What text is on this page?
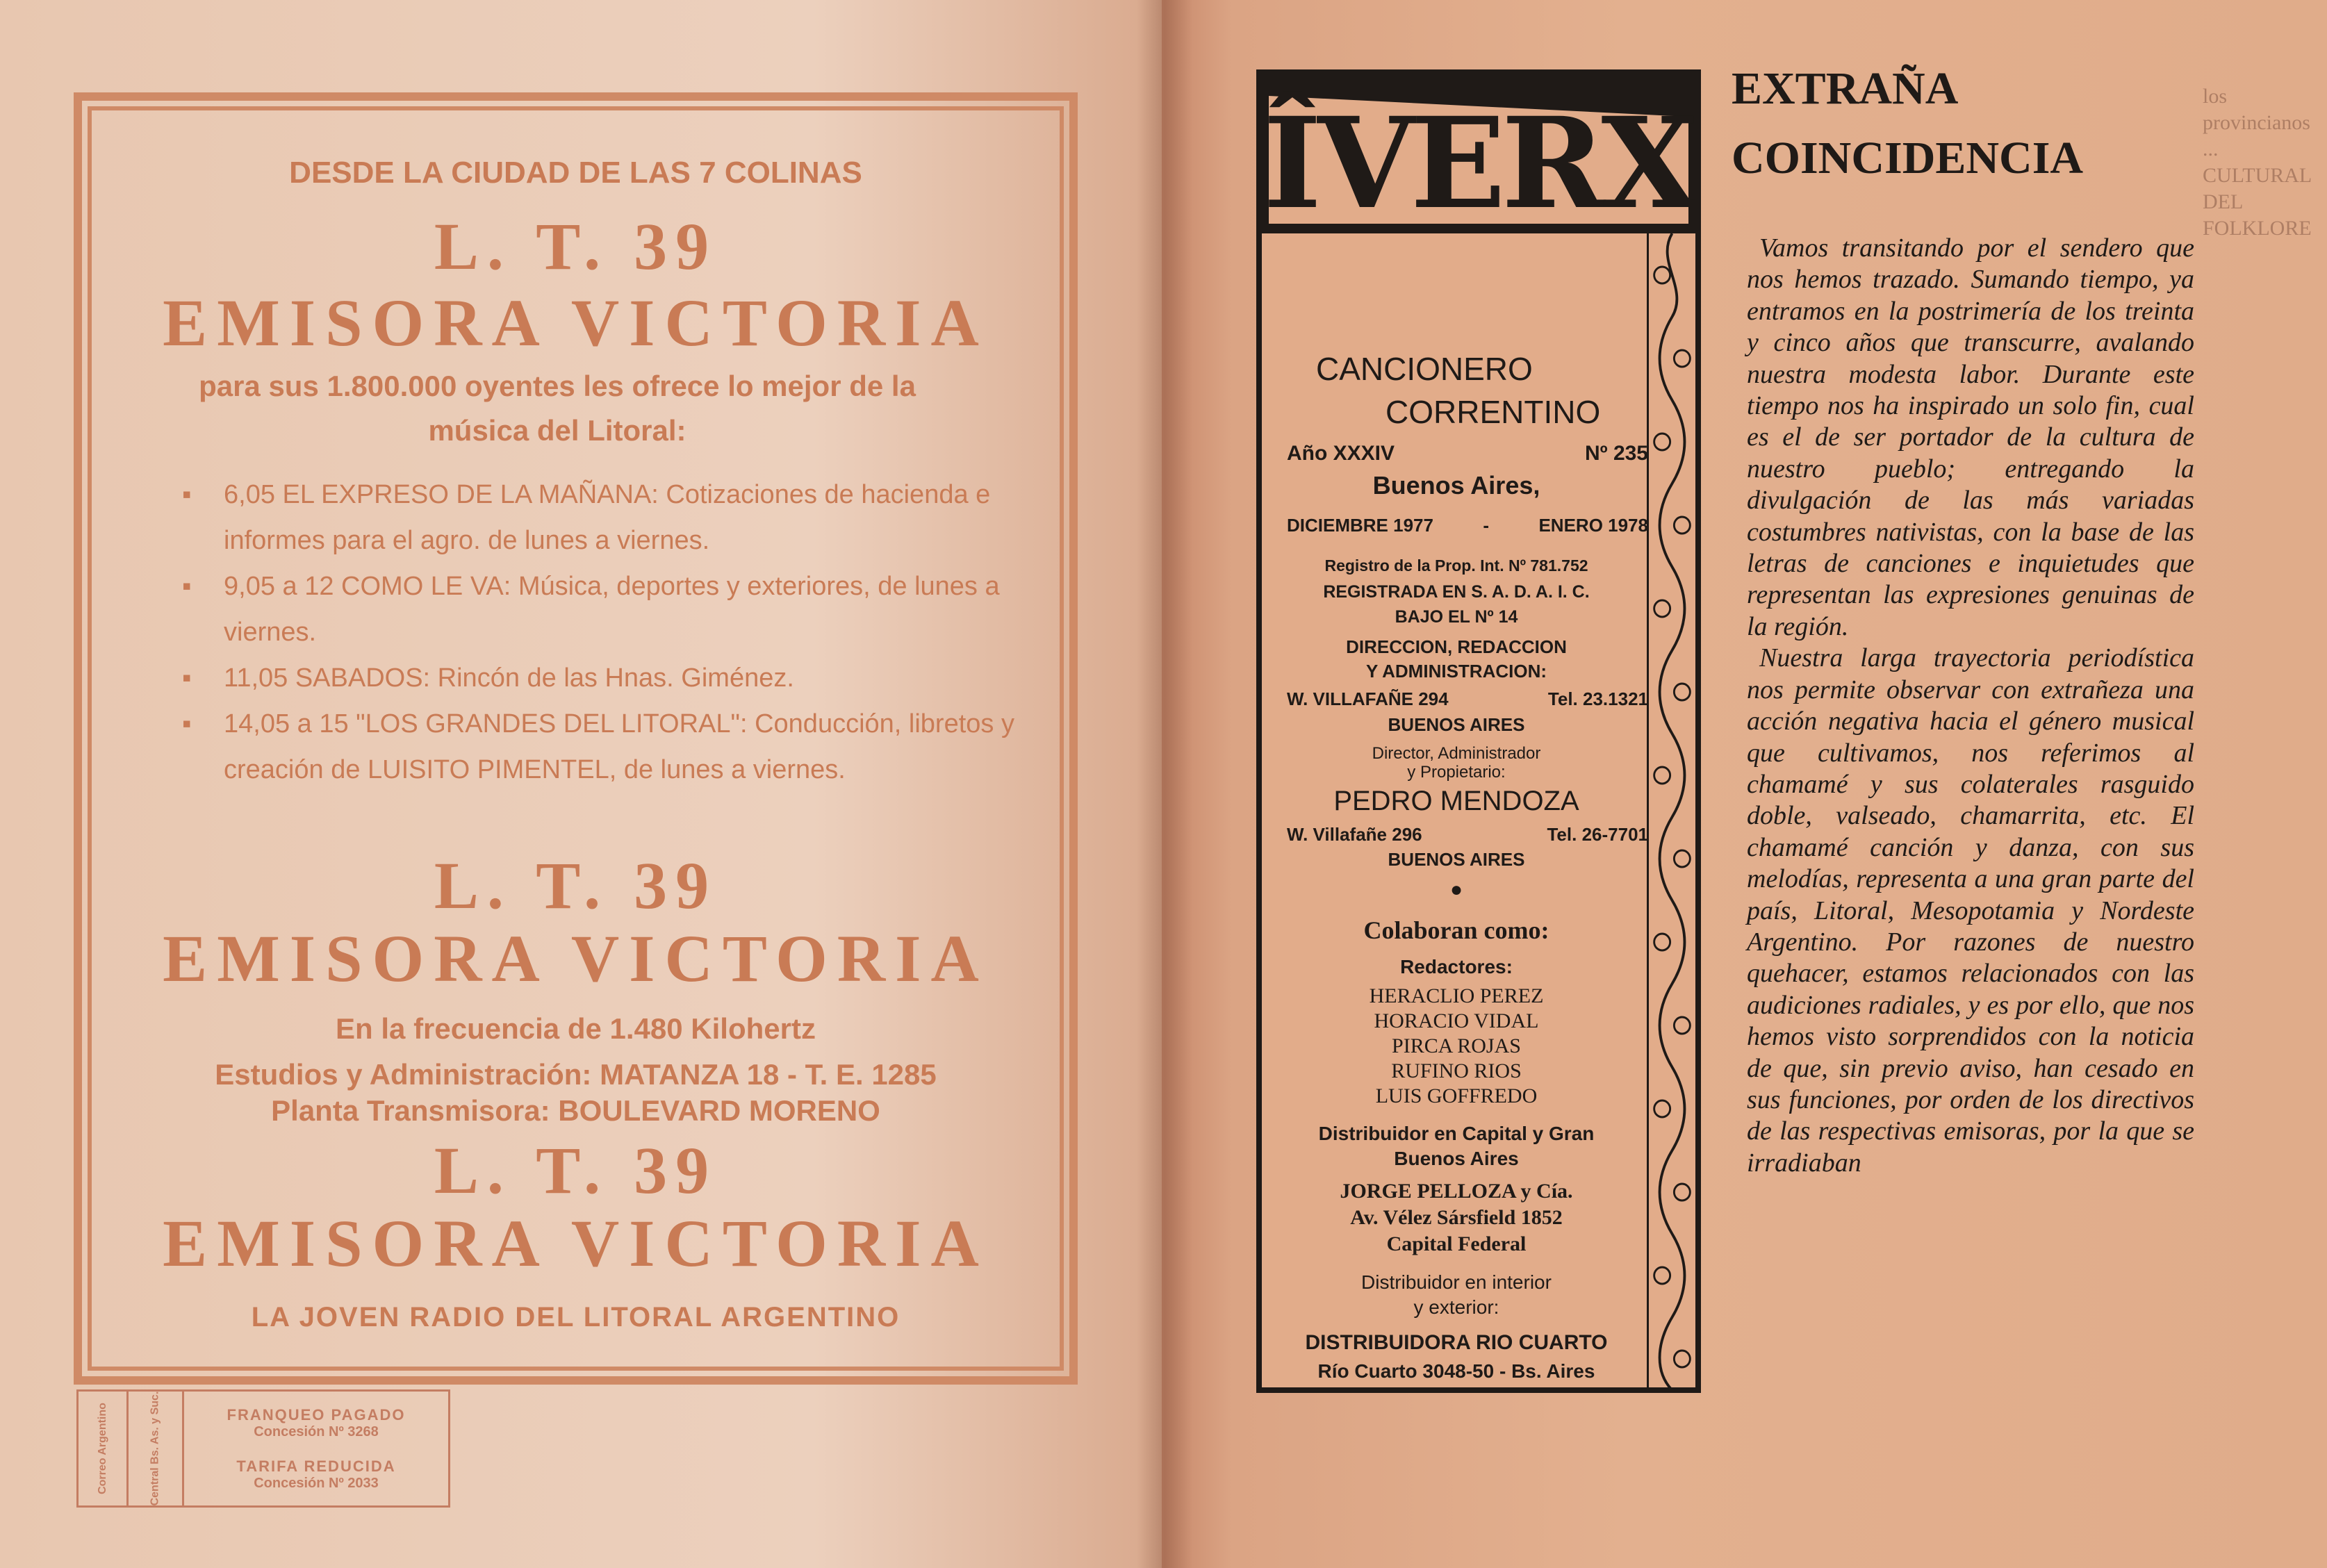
DESDE LA CIUDAD DE LAS 7 COLINAS
L. T. 39
EMISORA VICTORIA
para sus 1.800.000 oyentes les ofrece lo mejor de la música del Litoral:
▪ 6,05 EL EXPRESO DE LA MAÑANA: Cotizaciones de hacienda e informes para el agro. de lunes a viernes.
▪ 9,05 a 12 COMO LE VA: Música, deportes y exteriores, de lunes a viernes.
▪ 11,05 SABADOS: Rincón de las Hnas. Giménez.
▪ 14,05 a 15 "LOS GRANDES DEL LITORAL": Conducción, libretos y creación de LUISITO PIMENTEL, de lunes a viernes.
L. T. 39
EMISORA VICTORIA
En la frecuencia de 1.480 Kilohertz
Estudios y Administración: MATANZA 18 - T. E. 1285
Planta Transmisora: BOULEVARD MORENO
L. T. 39
EMISORA VICTORIA
LA JOVEN RADIO DEL LITORAL ARGENTINO
Correo Argentino	Central Bs. As. y Suc.	FRANQUEO PAGADO
Concesión Nº 3268
TARIFA REDUCIDA
Concesión Nº 2033
ÎVERX
CANCIONERO
CORRENTINO
Año XXXIV	Nº 235
Buenos Aires,
DICIEMBRE 1977	-	ENERO 1978
Registro de la Prop. Int. Nº 781.752
REGISTRADA EN S. A. D. A. I. C.
BAJO EL Nº 14
DIRECCION, REDACCION
Y ADMINISTRACION:
W. VILLAFAÑE 294	Tel. 23.1321
BUENOS AIRES
Director, Administrador
y Propietario:
PEDRO MENDOZA
W. Villafañe 296	Tel. 26-7701
BUENOS AIRES
●
Colaboran como:
Redactores:
HERACLIO PEREZ
HORACIO VIDAL
PIRCA ROJAS
RUFINO RIOS
LUIS GOFFREDO
Distribuidor en Capital y Gran
Buenos Aires
JORGE PELLOZA y Cía.
Av. Vélez Sársfield 1852
Capital Federal
Distribuidor en interior
y exterior:
DISTRIBUIDORA RIO CUARTO
Río Cuarto 3048-50 - Bs. Aires
EXTRAÑA
COINCIDENCIA

Vamos transitando por el sendero que nos hemos trazado. Sumando tiempo, ya entramos en la postrimería de los treinta y cinco años que transcurre, avalando nuestra modesta labor. Durante este tiempo nos ha inspirado un solo fin, cual es el de ser portador de la cultura de nuestro pueblo; entregando la divulgación de las más variadas costumbres nativistas, con la base de las letras de canciones e inquietudes que representan las expresiones genuinas de la región.

Nuestra larga trayectoria periodística nos permite observar con extrañeza una acción negativa hacia el género musical que cultivamos, nos referimos al chamamé y sus colaterales rasguido doble, valseado, chamarrita, etc. El chamamé canción y danza, con sus melodías, representa a una gran parte del país, Litoral, Mesopotamia y Nordeste Argentino. Por razones de nuestro quehacer, estamos relacionados con las audiciones radiales, y es por ello, que nos hemos visto sorprendidos con la noticia de que, sin previo aviso, han cesado en sus funciones, por orden de los directivos de las respectivas emisoras, por la que se irradiaban

los provincianos ... CULTURAL DEL FOLKLORE
